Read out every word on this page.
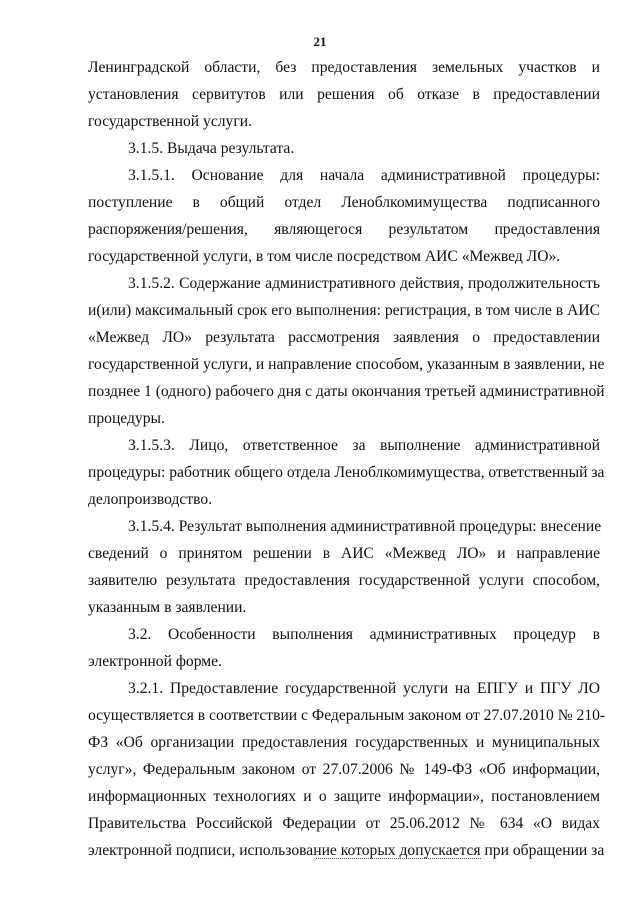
21
Ленинградской области, без предоставления земельных участков и
установления сервитутов или решения об отказе в предоставлении
государственной услуги.
3.1.5. Выдача результата.
3.1.5.1. Основание для начала административной процедуры:
поступление в общий отдел Леноблкомимущества подписанного
распоряжения/решения, являющегося результатом предоставления
государственной услуги, в том числе посредством АИС «Межвед ЛО».
3.1.5.2. Содержание административного действия, продолжительность
и(или) максимальный срок его выполнения: регистрация, в том числе в АИС
«Межвед ЛО» результата рассмотрения заявления о предоставлении
государственной услуги, и направление способом, указанным в заявлении, не
позднее 1 (одного) рабочего дня с даты окончания третьей административной
процедуры.
3.1.5.3. Лицо, ответственное за выполнение административной
процедуры: работник общего отдела Леноблкомимущества, ответственный за
делопроизводство.
3.1.5.4. Результат выполнения административной процедуры: внесение
сведений о принятом решении в АИС «Межвед ЛО» и направление
заявителю результата предоставления государственной услуги способом,
указанным в заявлении.
3.2. Особенности выполнения административных процедур в
электронной форме.
3.2.1. Предоставление государственной услуги на ЕПГУ и ПГУ ЛО
осуществляется в соответствии с Федеральным законом от 27.07.2010 № 210-
ФЗ «Об организации предоставления государственных и муниципальных
услуг», Федеральным законом от 27.07.2006 № 149-ФЗ «Об информации,
информационных технологиях и о защите информации», постановлением
Правительства Российской Федерации от 25.06.2012 № 634 «О видах
электронной подписи, использование которых допускается при обращении за
